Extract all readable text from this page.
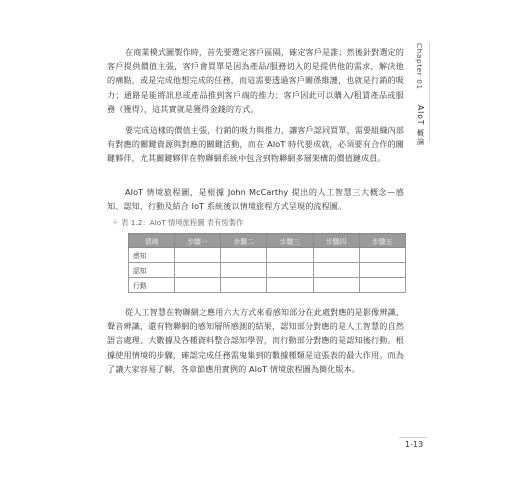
Chapter 01
AIoT 概論

在商業模式圖製作時，首先要選定客戶區隔，確定客戶是誰；然後針對選定的客戶提供價值主張，客戶會買單是因為產品/服務切入的是提供他的需求，解決他的痛點，或是完成他想完成的任務，而這需要透過客戶關係維護，也就是行銷的吸力；通路是能將訊息或產品推到客戶端的推力；客戶因此可以購入/租賃產品或服務（獲得），這其實就是獲得金錢的方式。

要完成這樣的價值主張，行銷的吸力與推力，讓客戶認同買單，需要組織內部有對應的關鍵資源與對應的關鍵活動，而在 AIoT 時代要成就，必須要有合作的關鍵夥伴，尤其關鍵夥伴在物聯網系統中包含到物聯網多層架構的價值鏈成員。

AIoT 情境旅程圖，是根據 John McCarthy 提出的人工智慧三大概念—感知、認知、行動及結合 IoT 系統後以情境旅程方式呈現的流程圖。

✧ 表 1.2：AIoT 情境旅程圖 表有恆製作

情境	步驟一	步驟二	步驟三	步驟四	步驟五
感知					
認知					
行動					

從人工智慧在物聯網之應用六大方式來看感知部分在此處對應的是影像辨識、聲音辨識，還有物聯網的感知層所感測的結果，認知部分對應的是人工智慧的自然語言處理、大數據及各種資料整合認知學習，而行動部分對應的是認知後行動。根據使用情境的步驟，確認完成任務需鬼集到的數據種類是這張表的最大作用。而為了讓大家容易了解，各章節應用實例的 AIoT 情境旅程圖為簡化版本。

1-13
